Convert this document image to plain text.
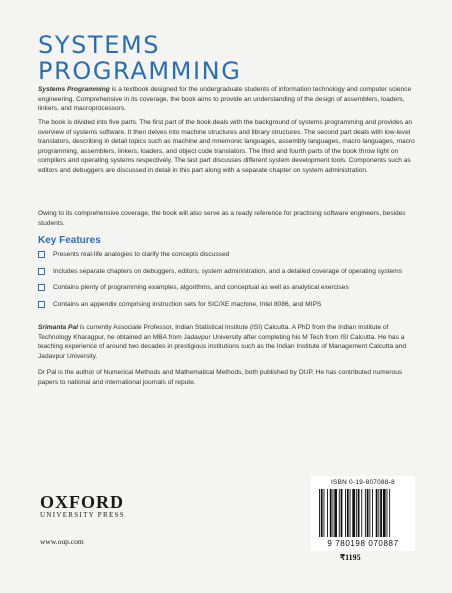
SYSTEMS
PROGRAMMING
Systems Programming is a textbook designed for the undergraduate students of information technology and computer science engineering. Comprehensive in its coverage, the book aims to provide an understanding of the design of assemblers, loaders, linkers, and macroprocessors.
The book is divided into five parts. The first part of the book deals with the background of systems programming and provides an overview of systems software. It then delves into machine structures and library structures. The second part deals with low-level translators, describing in detail topics such as machine and mnemonic languages, assembly languages, macro languages, macro programming, assemblers, linkers, loaders, and object code translators. The third and fourth parts of the book throw light on compilers and operating systems respectively. The last part discusses different system development tools. Components such as editors and debuggers are discussed in detail in this part along with a separate chapter on system administration.
Owing to its comprehensive coverage, the book will also serve as a ready reference for practising software engineers, besides students.
Key Features
Presents real-life analogies to clarify the concepts discussed
Includes separate chapters on debuggers, editors, system administration, and a detailed coverage of operating systems
Contains plenty of programming examples, algorithms, and conceptual as well as analytical exercises
Contains an appendix comprising instruction sets for SIC/XE machine, Intel 8086, and MIPS
Srimanta Pal is currently Associate Professor, Indian Statistical Institute (ISI) Calcutta. A PhD from the Indian Institute of Technology Kharagpur, he obtained an MBA from Jadavpur University after completing his M Tech from ISI Calcutta. He has a teaching experience of around two decades in prestigious institutions such as the Indian Institute of Management Calcutta and Jadavpur University.
Dr Pal is the author of Numerical Methods and Mathematical Methods, both published by OUP. He has contributed numerous papers to national and international journals of repute.
OXFORD
UNIVERSITY PRESS
www.oup.com
ISBN 0-19-807088-8
9 780198 070887
₹1195
